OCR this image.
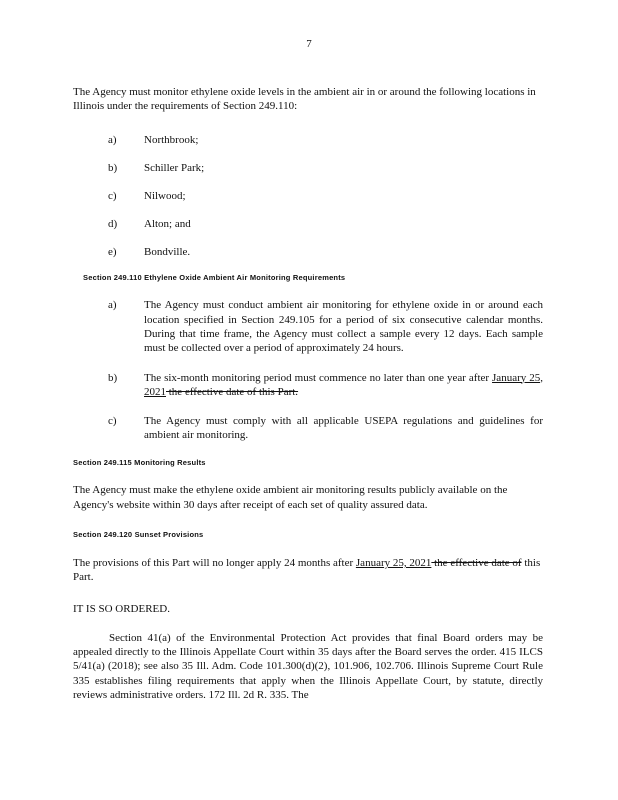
7

The Agency must monitor ethylene oxide levels in the ambient air in or around the following locations in Illinois under the requirements of Section 249.110:

a)	Northbrook;
b)	Schiller Park;
c)	Nilwood;
d)	Alton; and
e)	Bondville.
Section 249.110 Ethylene Oxide Ambient Air Monitoring Requirements
a)	The Agency must conduct ambient air monitoring for ethylene oxide in or around each location specified in Section 249.105 for a period of six consecutive calendar months. During that time frame, the Agency must collect a sample every 12 days. Each sample must be collected over a period of approximately 24 hours.
b)	The six-month monitoring period must commence no later than one year after January 25, 2021 the effective date of this Part.
c)	The Agency must comply with all applicable USEPA regulations and guidelines for ambient air monitoring.
Section 249.115 Monitoring Results

The Agency must make the ethylene oxide ambient air monitoring results publicly available on the Agency's website within 30 days after receipt of each set of quality assured data.

Section 249.120 Sunset Provisions

The provisions of this Part will no longer apply 24 months after January 25, 2021 the effective date of this Part.

IT IS SO ORDERED.

Section 41(a) of the Environmental Protection Act provides that final Board orders may be appealed directly to the Illinois Appellate Court within 35 days after the Board serves the order. 415 ILCS 5/41(a) (2018); see also 35 Ill. Adm. Code 101.300(d)(2), 101.906, 102.706. Illinois Supreme Court Rule 335 establishes filing requirements that apply when the Illinois Appellate Court, by statute, directly reviews administrative orders. 172 Ill. 2d R. 335. The
